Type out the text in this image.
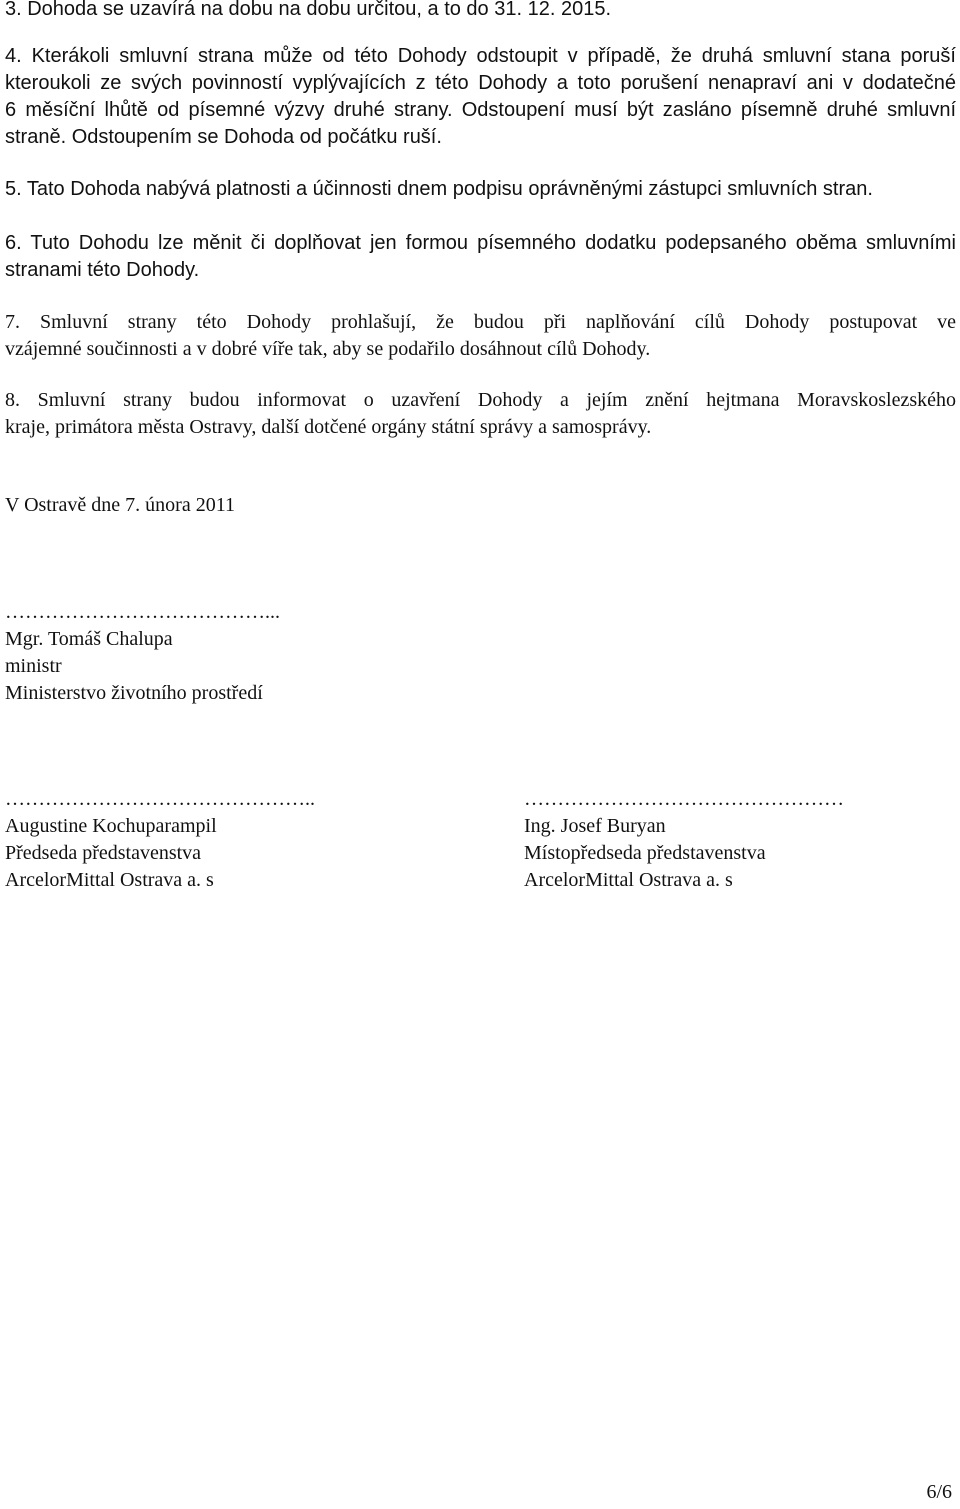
3. Dohoda se uzavírá na dobu na dobu určitou, a to do 31. 12. 2015.

4. Kterákoli smluvní strana může od této Dohody odstoupit v případě, že druhá smluvní stana poruší

kteroukoli ze svých povinností vyplývajících z této Dohody a toto porušení nenapraví ani v dodatečné

6 měsíční lhůtě od písemné výzvy druhé strany. Odstoupení musí být zasláno písemně druhé smluvní

straně. Odstoupením se Dohoda od počátku ruší.

5. Tato Dohoda nabývá platnosti a účinnosti dnem podpisu oprávněnými zástupci smluvních stran.

6. Tuto Dohodu lze měnit či doplňovat jen formou písemného dodatku podepsaného oběma smluvními

stranami této Dohody.

7. Smluvní strany této Dohody prohlašují, že budou při naplňování cílů Dohody postupovat ve

vzájemné součinnosti a v dobré víře tak, aby se podařilo dosáhnout cílů Dohody.

8. Smluvní strany budou informovat o uzavření Dohody a jejím znění hejtmana Moravskoslezského

kraje, primátora města Ostravy, další dotčené orgány státní správy a samosprávy.

V Ostravě dne 7. února 2011

…………………………………...

Mgr. Tomáš Chalupa

ministr

Ministerstvo životního prostředí

………………………………………..

Augustine Kochuparampil

Předseda představenstva

ArcelorMittal Ostrava a. s

…………………………………………

Ing. Josef Buryan

Místopředseda představenstva

ArcelorMittal Ostrava a. s

6/6
